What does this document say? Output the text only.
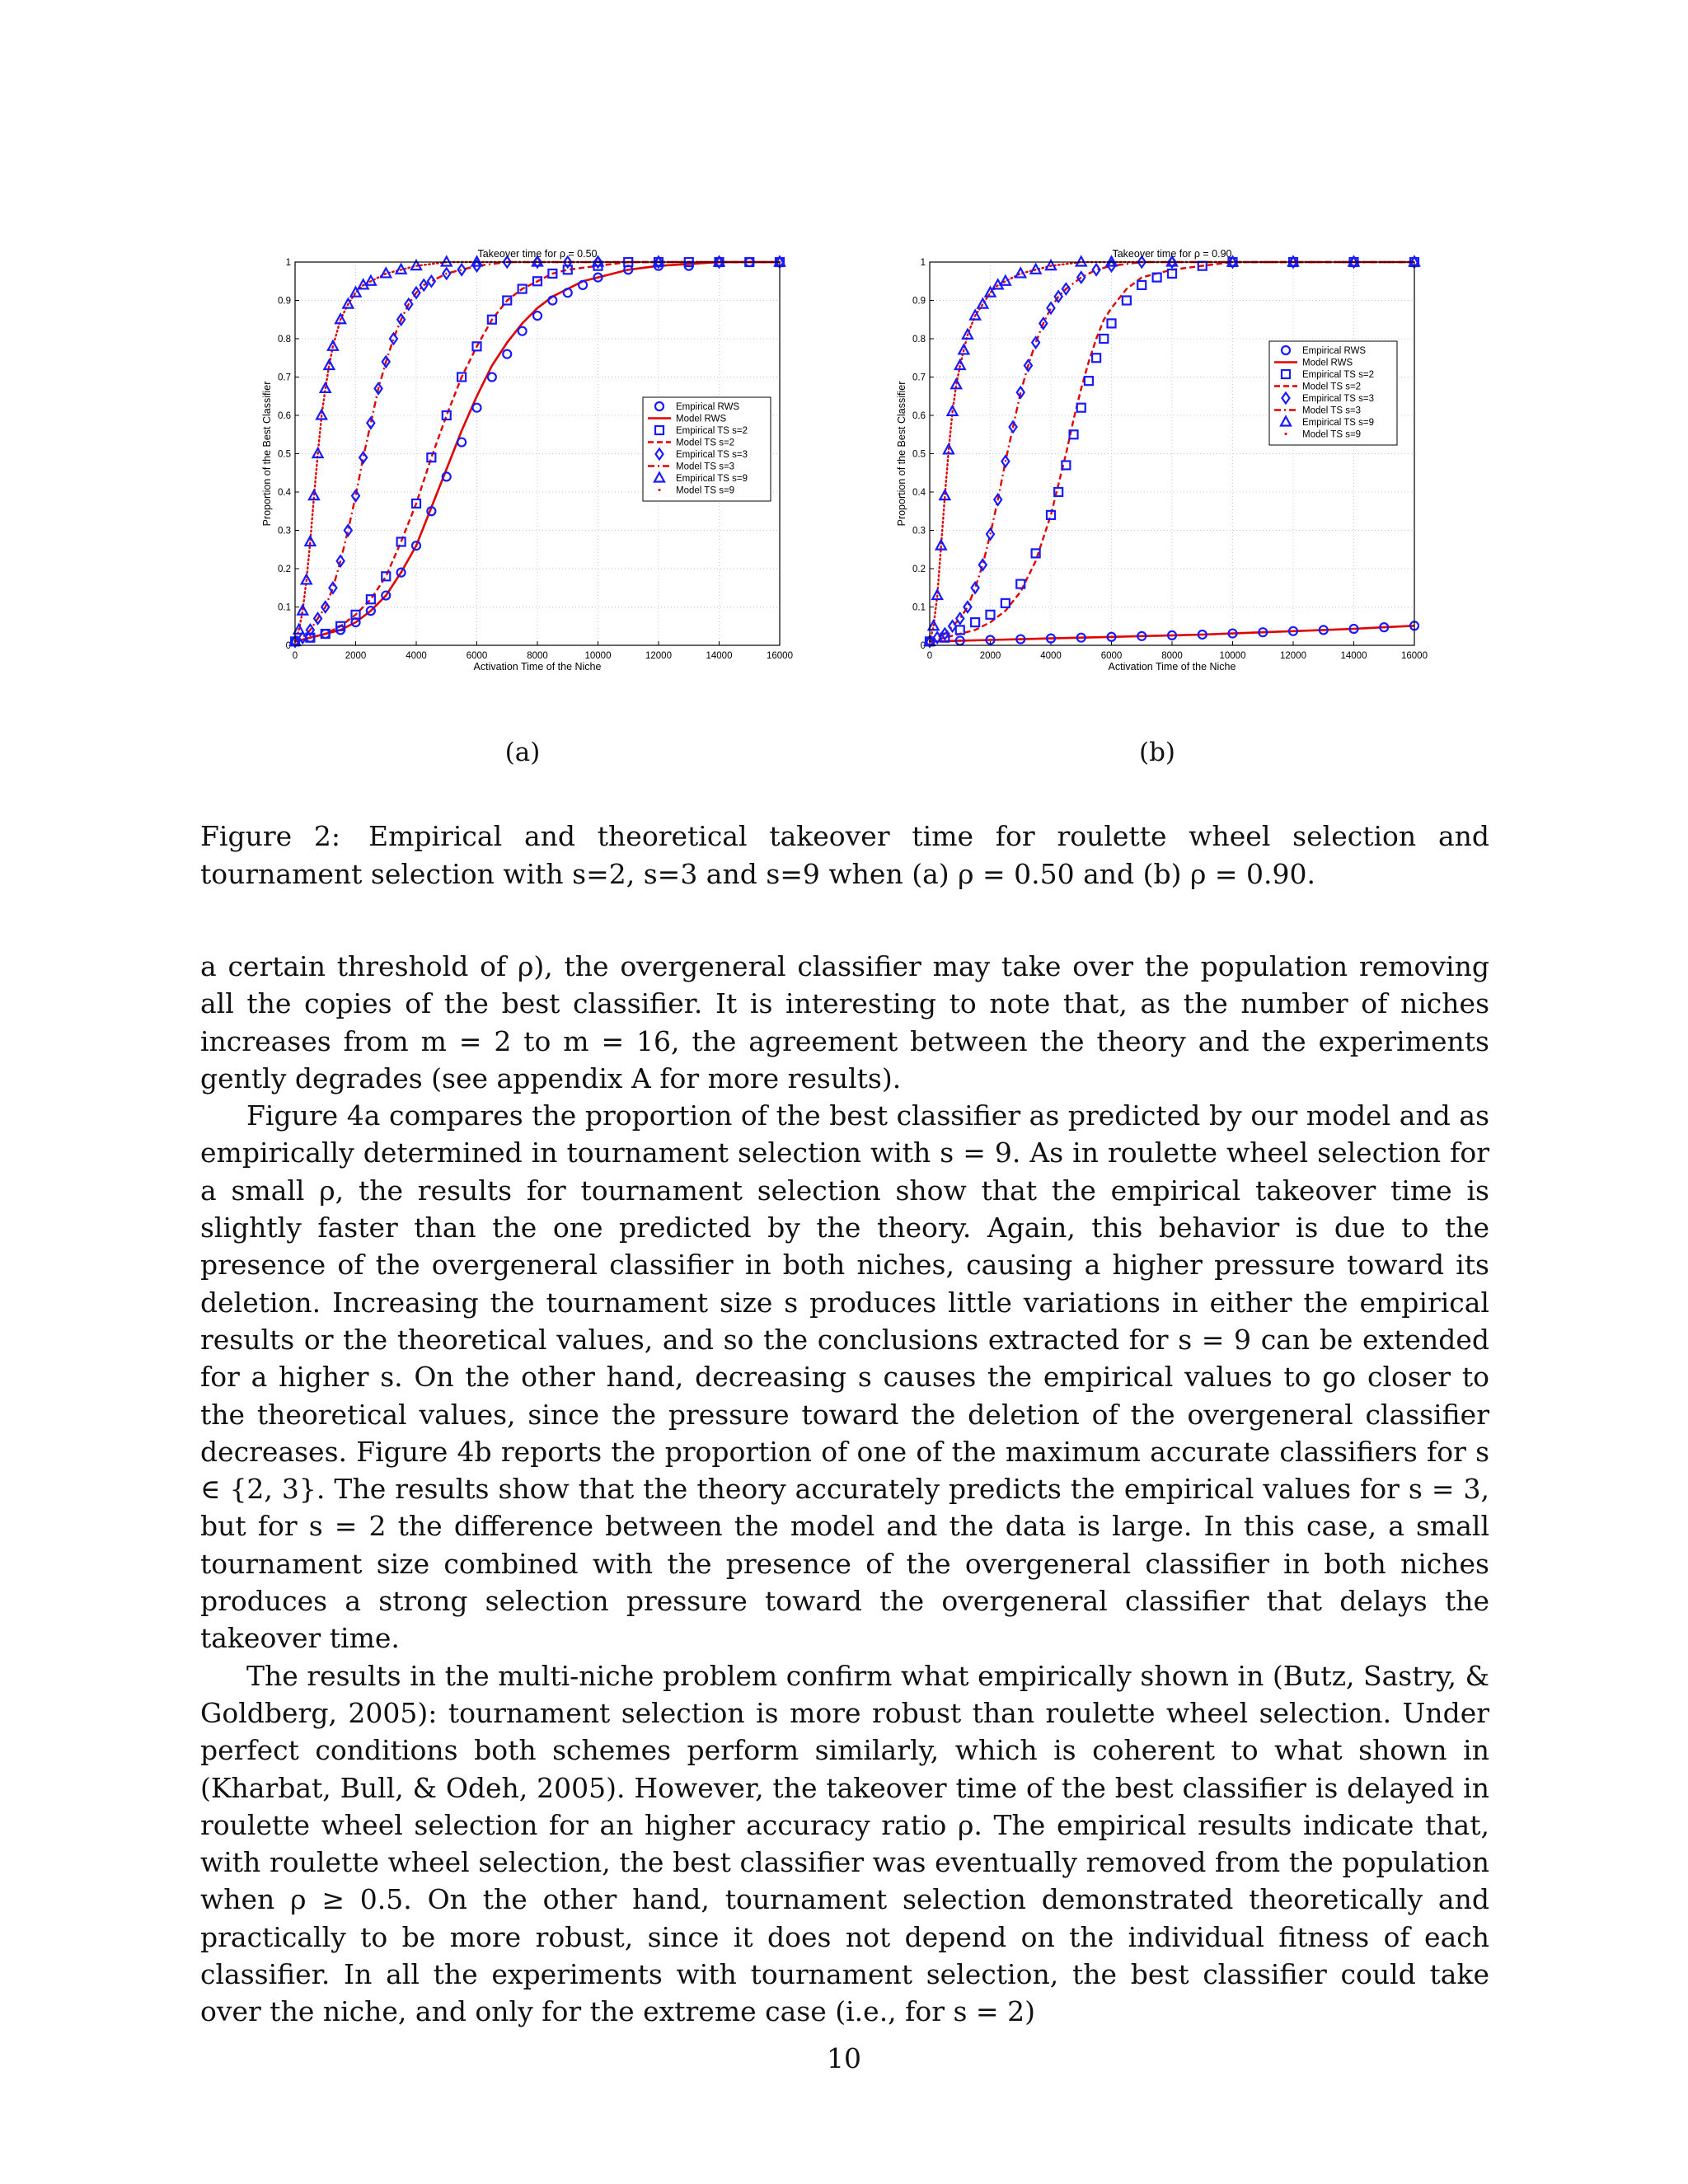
0	2000	4000	6000	8000	10000	12000	14000	16000
0
0.1
0.2
0.3
0.4
0.5
0.6
0.7
0.8
0.9
1
Takeover time for ρ = 0.50
Activation Time of the Niche
Proportion of the Best Classifier	Empirical RWS
Model RWS
Empirical TS s=2
Model TS s=2
Empirical TS s=3
Model TS s=3
Empirical TS s=9
Model TS s=9
0	2000	4000	6000	8000	10000	12000	14000	16000
0
0.1
0.2
0.3
0.4
0.5
0.6
0.7
0.8
0.9
1
Takeover time for ρ = 0.90
Activation Time of the Niche
Proportion of the Best Classifier
Empirical RWS
Model RWS
Empirical TS s=2
Model TS s=2
Empirical TS s=3
Model TS s=3
Empirical TS s=9
Model TS s=9
(a)	(b)
Figure 2: Empirical and theoretical takeover time for roulette wheel selection and tournament selection with s=2, s=3 and s=9 when (a) ρ = 0.50 and (b) ρ = 0.90.

a certain threshold of ρ), the overgeneral classifier may take over the population removing all the copies of the best classifier. It is interesting to note that, as the number of niches increases from m = 2 to m = 16, the agreement between the theory and the experiments gently degrades (see appendix A for more results).

Figure 4a compares the proportion of the best classifier as predicted by our model and as empirically determined in tournament selection with s = 9. As in roulette wheel selection for a small ρ, the results for tournament selection show that the empirical takeover time is slightly faster than the one predicted by the theory. Again, this behavior is due to the presence of the overgeneral classifier in both niches, causing a higher pressure toward its deletion. Increasing the tournament size s produces little variations in either the empirical results or the theoretical values, and so the conclusions extracted for s = 9 can be extended for a higher s. On the other hand, decreasing s causes the empirical values to go closer to the theoretical values, since the pressure toward the deletion of the overgeneral classifier decreases. Figure 4b reports the proportion of one of the maximum accurate classifiers for s ∈ {2, 3}. The results show that the theory accurately predicts the empirical values for s = 3, but for s = 2 the difference between the model and the data is large. In this case, a small tournament size combined with the presence of the overgeneral classifier in both niches produces a strong selection pressure toward the overgeneral classifier that delays the takeover time.

The results in the multi-niche problem confirm what empirically shown in (Butz, Sastry, & Goldberg, 2005): tournament selection is more robust than roulette wheel selection. Under perfect conditions both schemes perform similarly, which is coherent to what shown in (Kharbat, Bull, & Odeh, 2005). However, the takeover time of the best classifier is delayed in roulette wheel selection for an higher accuracy ratio ρ. The empirical results indicate that, with roulette wheel selection, the best classifier was eventually removed from the population when ρ ≥ 0.5. On the other hand, tournament selection demonstrated theoretically and practically to be more robust, since it does not depend on the individual fitness of each classifier. In all the experiments with tournament selection, the best classifier could take over the niche, and only for the extreme case (i.e., for s = 2)

10
